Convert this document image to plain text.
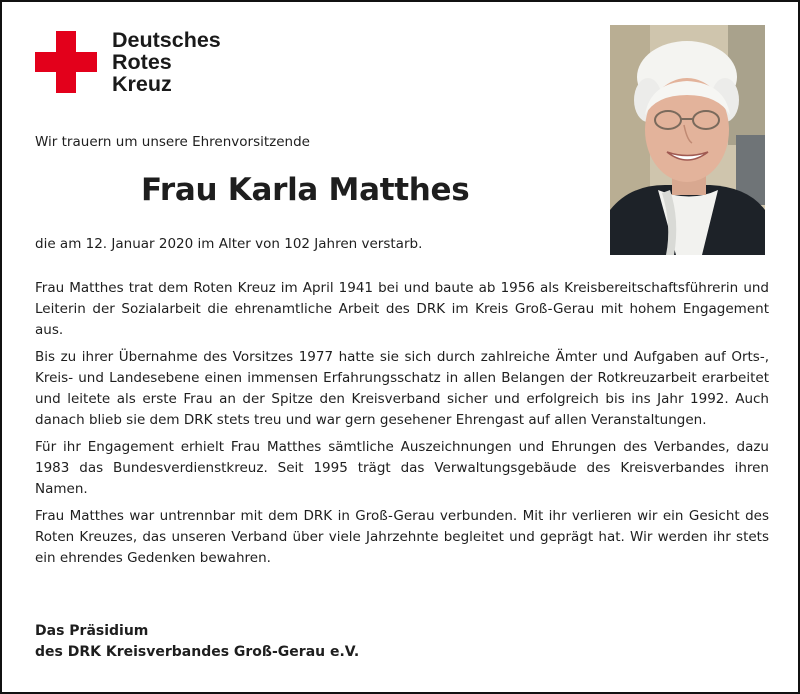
Deutsches
Rotes
Kreuz
Wir trauern um unsere Ehrenvorsitzende
Frau Karla Matthes
die am 12. Januar 2020 im Alter von 102 Jahren verstarb.

Frau Matthes trat dem Roten Kreuz im April 1941 bei und baute ab 1956 als Kreisbereitschaftsführerin und Leiterin der Sozialarbeit die ehrenamtliche Arbeit des DRK im Kreis Groß-Gerau mit hohem Engagement aus.

Bis zu ihrer Übernahme des Vorsitzes 1977 hatte sie sich durch zahlreiche Ämter und Aufgaben auf Orts-, Kreis- und Landesebene einen immensen Erfahrungsschatz in allen Belangen der Rotkreuzarbeit erarbeitet und leitete als erste Frau an der Spitze den Kreisverband sicher und erfolgreich bis ins Jahr 1992. Auch danach blieb sie dem DRK stets treu und war gern gesehener Ehrengast auf allen Veranstaltungen.

Für ihr Engagement erhielt Frau Matthes sämtliche Auszeichnungen und Ehrungen des Verbandes, dazu 1983 das Bundesverdienstkreuz. Seit 1995 trägt das Verwaltungsgebäude des Kreisverbandes ihren Namen.

Frau Matthes war untrennbar mit dem DRK in Groß-Gerau verbunden. Mit ihr verlieren wir ein Gesicht des Roten Kreuzes, das unseren Verband über viele Jahrzehnte begleitet und geprägt hat. Wir werden ihr stets ein ehrendes Gedenken bewahren.

Das Präsidium
des DRK Kreisverbandes Groß-Gerau e.V.
